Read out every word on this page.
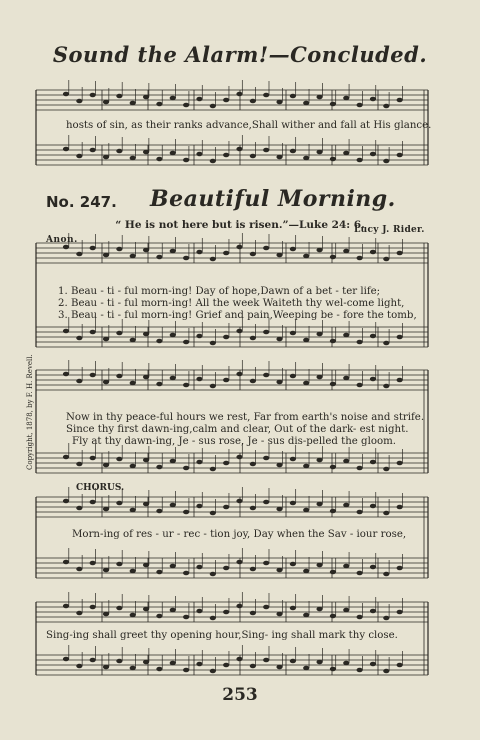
Sound the Alarm!—Concluded.
No. 247. Beautiful Morning.
“ He is not here but is risen.”—Luke 24: 6.
Anon.
Lucy J. Rider.
hosts of sin, as their ranks advance,Shall wither and fall at His glance.
1. Beau - ti - ful morn-ing! Day of hope,Dawn of a bet - ter life;
2. Beau - ti - ful morn-ing! All the week Waiteth thy wel-come light,
3. Beau - ti - ful morn-ing! Grief and pain,Weeping be - fore the tomb,
Now in thy peace-ful hours we rest, Far from earth's noise and strife.
Since thy first dawn-ing,calm and clear, Out of the dark- est night.
Fly at thy dawn-ing, Je - sus rose, Je - sus dis-pelled the gloom.
CHORUS.
Morn-ing of res - ur - rec - tion joy, Day when the Sav - iour rose,
Sing-ing shall greet thy opening hour,Sing- ing shall mark thy close.
Copyright, 1878, by F. H. Revell.
253
